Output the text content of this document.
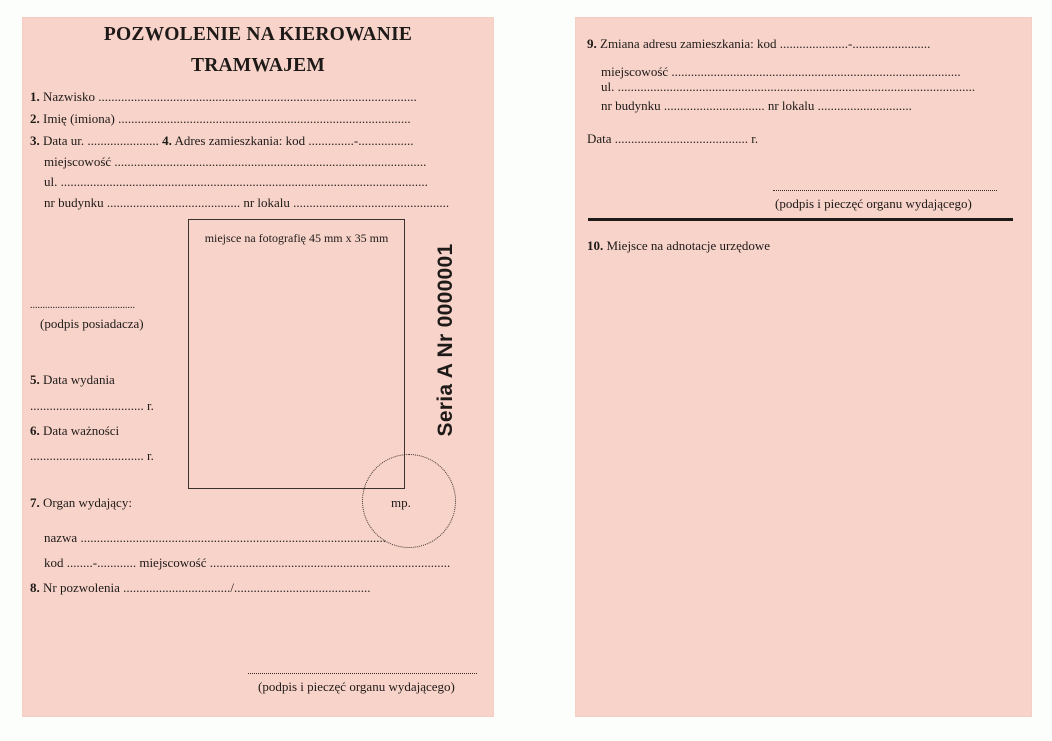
POZWOLENIE NA KIEROWANIE
TRAMWAJEM
1. Nazwisko ..................................................................................................
2. Imię (imiona) ..........................................................................................
3. Data ur. ...................... 4. Adres zamieszkania: kod ..............-.................
miejscowość ................................................................................................
ul. .................................................................................................................
nr budynku ......................................... nr lokalu ................................................
miejsce na fotografię 45 mm x 35 mm
Seria A Nr 0000001
..........................................
(podpis posiadacza)
5. Data wydania
................................... r.
6. Data ważności
................................... r.
mp.
7. Organ wydający:
nazwa ..............................................................................................
kod ........-............ miejscowość ..........................................................................
8. Nr pozwolenia ................................./..........................................
(podpis i pieczęć organu wydającego)
9. Zmiana adresu zamieszkania: kod .....................-........................
miejscowość .........................................................................................
ul. ..............................................................................................................
nr budynku ............................... nr lokalu .............................
Data ......................................... r.
(podpis i pieczęć organu wydającego)
10. Miejsce na adnotacje urzędowe
